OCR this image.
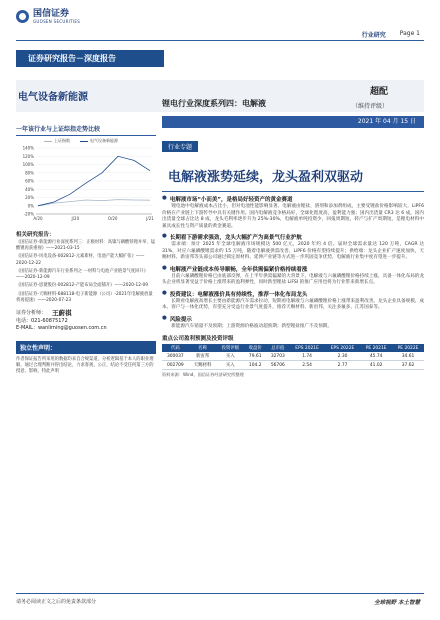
国信证券
GUOSEN SECURITIES
行业研究 Page 1
证券研究报告－深度报告
电气设备新能源
锂电行业深度系列四：电解液
超配
（维持评级）
2021 年 04 月 15 日
一年该行业与上证综指走势比较
上证指数	电气设备新能源
140%
120%
100%
80%
60%
40%
20%
0%
-20%
A/20	J/20	O/20	J/21
相关研究报告：

《国信证券-新能源行业深度系列三：正极材料：高镍与磷酸铁锂并举，锰酸锂再获重视》——2021-03-15

《国信证券-风电设备-002812-元素新材，电池产能大幅扩张》——2020-12-22

《国信证券-新能源汽车行业系列之一-材料与电池产业链景气度回升》——2020-12-09

《国信证券-恩捷股份-002812-产能布局全面铺开》——2020-12-09

《国信证券-天赐材料-688118-电子新能源（公司）-2021年电解液放量将再提速》——2020-07-23

证券分析师： 王蔚祺
电话：021-60875172
E-MAIL：wanliming@guosen.com.cn
独立性声明：
作者保证报告所采用的数据均来自合规渠道，分析逻辑基于本人的职业理解，通过合理判断并得出结论，力求客观、公正，结论不受任何第三方的授意、影响，特此声明
行业专题
电解液涨势延续，龙头盈利双驱动
● 电解液市场“小而美”，是格局好轻资产的黄金赛道
锂电池中电解液成本占比小，但对电池性能影响显著。电解液由锂盐、溶剂和添加剂组成，主要受锂盐价格影响较大，LiPF6 价格在产业链上下游传导中具有关键作用。国内电解液竞争格局好，全球化程度高，盈利能力强；国内出货量 CR3 达 6 成，国内出货量全球占比达 8 成，龙头毛利率逐步升为 25%-30%，电解液单吨投资少，回报周期短，转产与扩产周期短，是锂电材料中兼具成长性与资产质量的黄金赛道。
● 长期看下游需求强劲，龙头大幅扩产为高景气行业护航
需求端：预计 2025 年全球电解液市场规模达 500 亿元，2020 年约 4 倍。届时全球需求量达 120 万吨，CAGR 达 31%，对应六氟磷酸锂需求约 15 万吨，随着电解液供需改善，LiPF6 价格有望持续提升；供给端：龙头企业扩产速度加快，天赐材料、新宙邦等头部公司通过锁定原材料、延伸产业链等方式进一步巩固竞争优势，电解液行业集中度有望进一步提升。
● 电解液产业链成本传导顺畅，全年供需偏紧价格持续看涨
目前六氟磷酸锂价格已由底部反弹，在上半年供需偏紧的大背景下，电解液与六氟磷酸锂价格持续上涨，具备一体化布局的龙头企业将显著受益于价格上涨带来的盈利弹性，同时新型锂盐 LiFSI 的推广应用也将为行业带来新增长点。
● 投资建议：电解液涨价具有持续性，推荐一体化布局龙头
长期看电解液高增长主要由新能源汽车需求拉动，短期看电解液与六氟磷酸锂价格上涨带来盈利改善。龙头企业具备规模、成本、客户与一体化优势，有望充分受益行业景气度提升，推荐天赐材料、新宙邦，关注多氟多、江苏国泰等。
● 风险提示
新能源汽车销量不及预期；上游资源价格波动超预期；新型锂盐推广不及预期。
重点公司盈利预测及投资评级
代码	名称	投资评级	收盘价	总市值	EPS 2021E	EPS 2022E	PE 2021E	PE 2022E
300037	新宙邦	买入	79.61	32703	1.74	2.30	45.74	34.61
002709	天赐材料	买入	104.2	56706	2.54	2.77	41.02	37.62
资料来源：Wind、国信证券经济研究所整理
请务必阅读正文之后的免责条款部分	全球视野 本土智慧
